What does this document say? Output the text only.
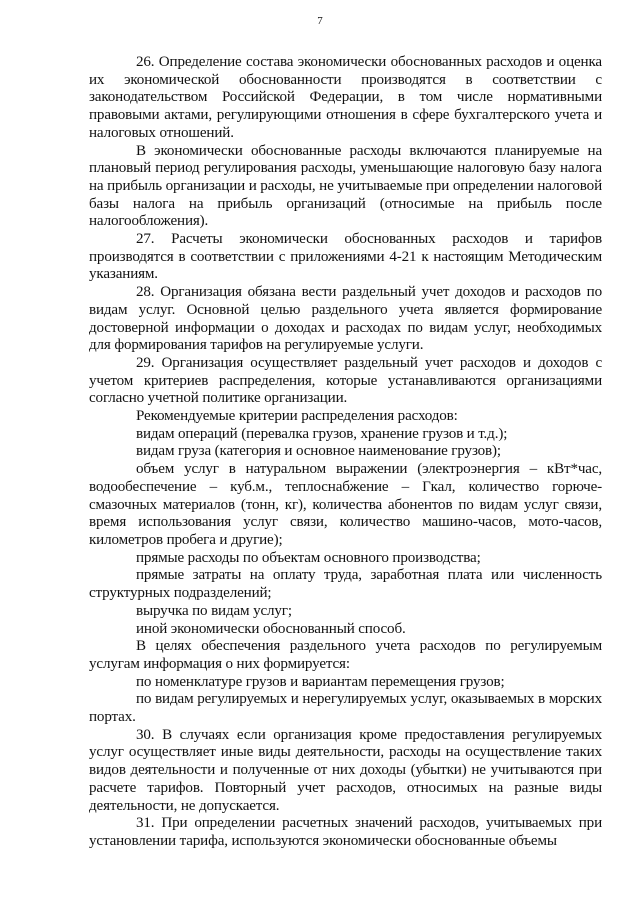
7

26. Определение состава экономически обоснованных расходов и оценка их экономической обоснованности производятся в соответствии с законодательством Российской Федерации, в том числе нормативными правовыми актами, регулирующими отношения в сфере бухгалтерского учета и налоговых отношений.

В экономически обоснованные расходы включаются планируемые на плановый период регулирования расходы, уменьшающие налоговую базу налога на прибыль организации и расходы, не учитываемые при определении налоговой базы налога на прибыль организаций (относимые на прибыль после налогообложения).

27. Расчеты экономически обоснованных расходов и тарифов производятся в соответствии с приложениями 4-21 к настоящим Методическим указаниям.

28. Организация обязана вести раздельный учет доходов и расходов по видам услуг. Основной целью раздельного учета является формирование достоверной информации о доходах и расходах по видам услуг, необходимых для формирования тарифов на регулируемые услуги.

29. Организация осуществляет раздельный учет расходов и доходов с учетом критериев распределения, которые устанавливаются организациями согласно учетной политике организации.

Рекомендуемые критерии распределения расходов:

видам операций (перевалка грузов, хранение грузов и т.д.);

видам груза (категория и основное наименование грузов);

объем услуг в натуральном выражении (электроэнергия – кВт*час, водообеспечение – куб.м., теплоснабжение – Гкал, количество горюче-смазочных материалов (тонн, кг), количества абонентов по видам услуг связи, время использования услуг связи, количество машино-часов, мото-часов, километров пробега и другие);

прямые расходы по объектам основного производства;

прямые затраты на оплату труда, заработная плата или численность структурных подразделений;

выручка по видам услуг;

иной экономически обоснованный способ.

В целях обеспечения раздельного учета расходов по регулируемым услугам информация о них формируется:

по номенклатуре грузов и вариантам перемещения грузов;

по видам регулируемых и нерегулируемых услуг, оказываемых в морских портах.

30. В случаях если организация кроме предоставления регулируемых услуг осуществляет иные виды деятельности, расходы на осуществление таких видов деятельности и полученные от них доходы (убытки) не учитываются при расчете тарифов. Повторный учет расходов, относимых на разные виды деятельности, не допускается.

31. При определении расчетных значений расходов, учитываемых при установлении тарифа, используются экономически обоснованные объемы
